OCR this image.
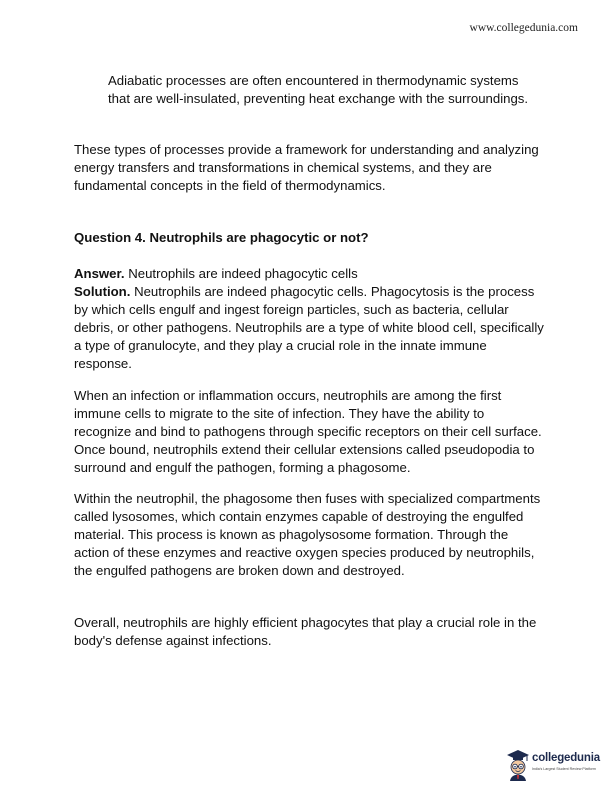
www.collegedunia.com

Adiabatic processes are often encountered in thermodynamic systems that are well-insulated, preventing heat exchange with the surroundings.

These types of processes provide a framework for understanding and analyzing energy transfers and transformations in chemical systems, and they are fundamental concepts in the field of thermodynamics.

Question 4. Neutrophils are phagocytic or not?

Answer. Neutrophils are indeed phagocytic cells
Solution. Neutrophils are indeed phagocytic cells. Phagocytosis is the process by which cells engulf and ingest foreign particles, such as bacteria, cellular debris, or other pathogens. Neutrophils are a type of white blood cell, specifically a type of granulocyte, and they play a crucial role in the innate immune response.

When an infection or inflammation occurs, neutrophils are among the first immune cells to migrate to the site of infection. They have the ability to recognize and bind to pathogens through specific receptors on their cell surface. Once bound, neutrophils extend their cellular extensions called pseudopodia to surround and engulf the pathogen, forming a phagosome.

Within the neutrophil, the phagosome then fuses with specialized compartments called lysosomes, which contain enzymes capable of destroying the engulfed material. This process is known as phagolysosome formation. Through the action of these enzymes and reactive oxygen species produced by neutrophils, the engulfed pathogens are broken down and destroyed.

Overall, neutrophils are highly efficient phagocytes that play a crucial role in the body's defense against infections.

collegedunia
India's Largest Student Review Platform
